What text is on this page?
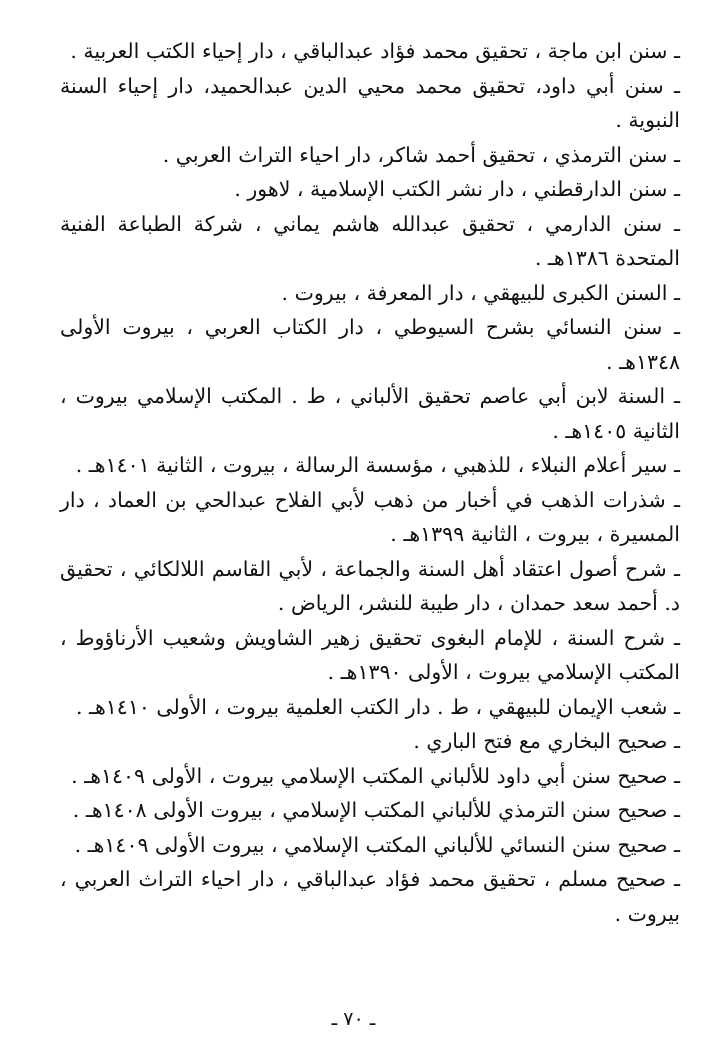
ـ سنن ابن ماجة ، تحقيق محمد فؤاد عبدالباقي ، دار إحياء الكتب العربية .

ـ سنن أبي داود، تحقيق محمد محيي الدين عبدالحميد، دار إحياء السنة النبوية .

ـ سنن الترمذي ، تحقيق أحمد شاكر، دار احياء التراث العربي .

ـ سنن الدارقطني ، دار نشر الكتب الإسلامية ، لاهور .

ـ سنن الدارمي ، تحقيق عبدالله هاشم يماني ، شركة الطباعة الفنية المتحدة ١٣٨٦هـ .

ـ السنن الكبرى للبيهقي ، دار المعرفة ، بيروت .

ـ سنن النسائي بشرح السيوطي ، دار الكتاب العربي ، بيروت الأولى ١٣٤٨هـ .

ـ السنة لابن أبي عاصم تحقيق الألباني ، ط . المكتب الإسلامي بيروت ، الثانية ١٤٠٥هـ .

ـ سير أعلام النبلاء ، للذهبي ، مؤسسة الرسالة ، بيروت ، الثانية ١٤٠١هـ .

ـ شذرات الذهب في أخبار من ذهب لأبي الفلاح عبدالحي بن العماد ، دار المسيرة ، بيروت ، الثانية ١٣٩٩هـ .

ـ شرح أصول اعتقاد أهل السنة والجماعة ، لأبي القاسم اللالكائي ، تحقيق د. أحمد سعد حمدان ، دار طيبة للنشر، الرياض .

ـ شرح السنة ، للإمام البغوى تحقيق زهير الشاويش وشعيب الأرناؤوط ، المكتب الإسلامي بيروت ، الأولى ١٣٩٠هـ .

ـ شعب الإيمان للبيهقي ، ط . دار الكتب العلمية بيروت ، الأولى ١٤١٠هـ .

ـ صحيح البخاري مع فتح الباري .

ـ صحيح سنن أبي داود للألباني المكتب الإسلامي بيروت ، الأولى ١٤٠٩هـ .

ـ صحيح سنن الترمذي للألباني المكتب الإسلامي ، بيروت الأولى ١٤٠٨هـ .

ـ صحيح سنن النسائي للألباني المكتب الإسلامي ، بيروت الأولى ١٤٠٩هـ .

ـ صحيح مسلم ، تحقيق محمد فؤاد عبدالباقي ، دار احياء التراث العربي ، بيروت .

ـ ٧٠ ـ
